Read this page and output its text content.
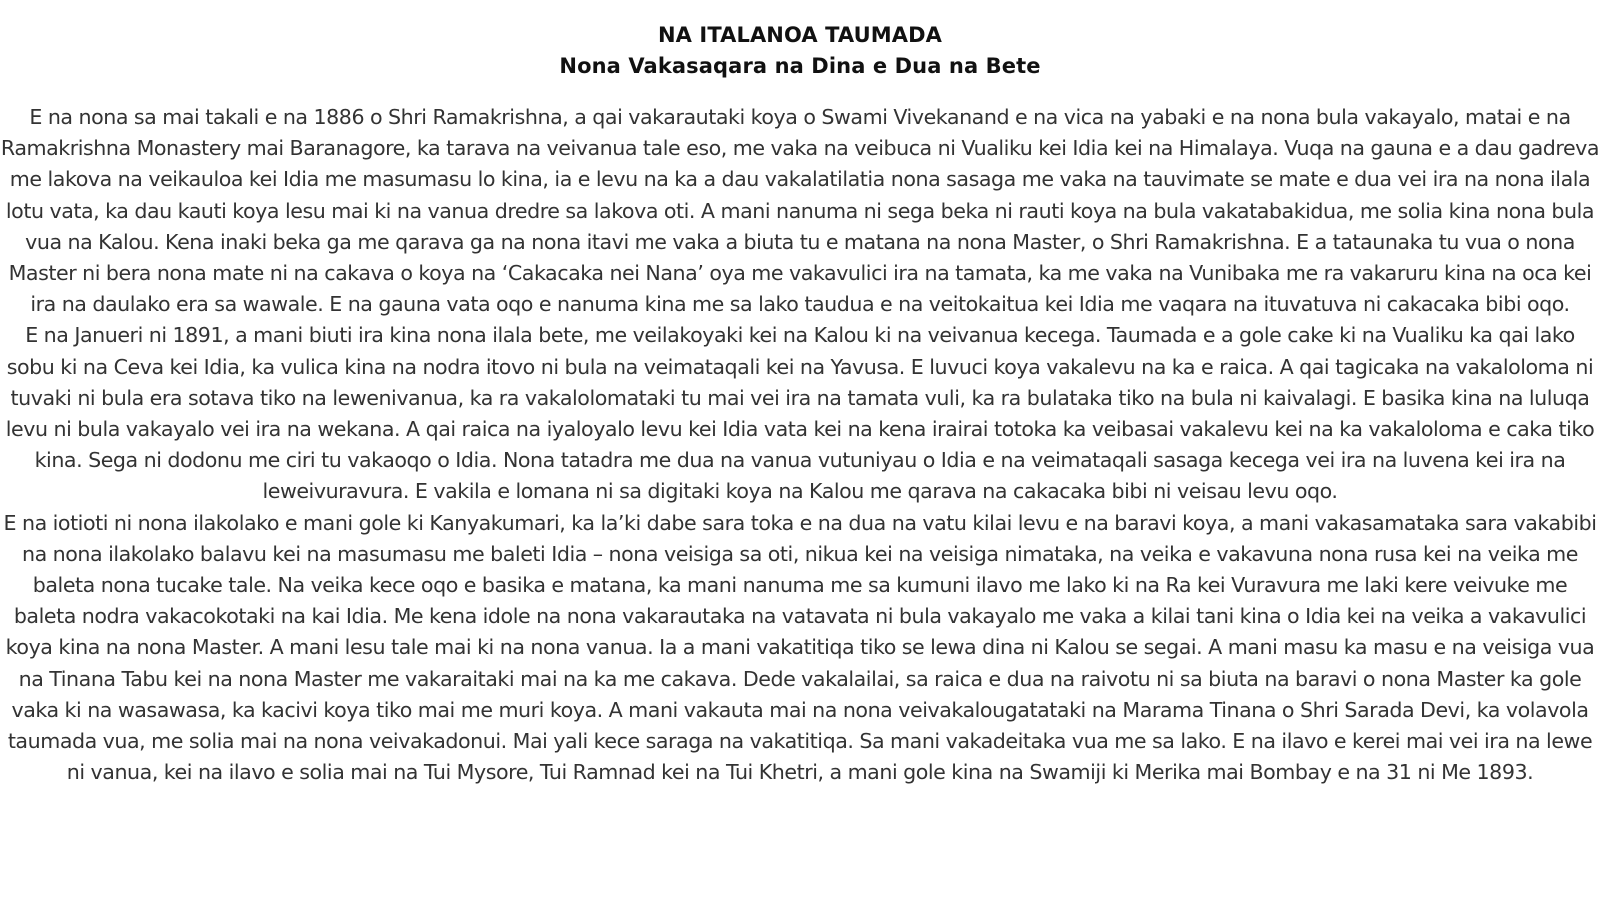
NA ITALANOA TAUMADA
Nona Vakasaqara na Dina e Dua na Bete

E na nona sa mai takali e na 1886 o Shri Ramakrishna, a qai vakarautaki koya o Swami Vivekanand e na vica na yabaki e na nona bula vakayalo, matai e na Ramakrishna Monastery mai Baranagore, ka tarava na veivanua tale eso, me vaka na veibuca ni Vualiku kei Idia kei na Himalaya. Vuqa na gauna e a dau gadreva me lakova na veikauloa kei Idia me masumasu lo kina, ia e levu na ka a dau vakalatilatia nona sasaga me vaka na tauvimate se mate e dua vei ira na nona ilala lotu vata, ka dau kauti koya lesu mai ki na vanua dredre sa lakova oti. A mani nanuma ni sega beka ni rauti koya na bula vakatabakidua, me solia kina nona bula vua na Kalou. Kena inaki beka ga me qarava ga na nona itavi me vaka a biuta tu e matana na nona Master, o Shri Ramakrishna. E a tataunaka tu vua o nona Master ni bera nona mate ni na cakava o koya na ‘Cakacaka nei Nana’ oya me vakavulici ira na tamata, ka me vaka na Vunibaka me ra vakaruru kina na oca kei ira na daulako era sa wawale. E na gauna vata oqo e nanuma kina me sa lako taudua e na veitokaitua kei Idia me vaqara na ituvatuva ni cakacaka bibi oqo.

E na Janueri ni 1891, a mani biuti ira kina nona ilala bete, me veilakoyaki kei na Kalou ki na veivanua kecega. Taumada e a gole cake ki na Vualiku ka qai lako sobu ki na Ceva kei Idia, ka vulica kina na nodra itovo ni bula na veimataqali kei na Yavusa. E luvuci koya vakalevu na ka e raica. A qai tagicaka na vakaloloma ni tuvaki ni bula era sotava tiko na lewenivanua, ka ra vakalolomataki tu mai vei ira na tamata vuli, ka ra bulataka tiko na bula ni kaivalagi. E basika kina na luluqa levu ni bula vakayalo vei ira na wekana. A qai raica na iyaloyalo levu kei Idia vata kei na kena irairai totoka ka veibasai vakalevu kei na ka vakaloloma e caka tiko kina. Sega ni dodonu me ciri tu vakaoqo o Idia. Nona tatadra me dua na vanua vutuniyau o Idia e na veimataqali sasaga kecega vei ira na luvena kei ira na leweivuravura. E vakila e lomana ni sa digitaki koya na Kalou me qarava na cakacaka bibi ni veisau levu oqo.

E na iotioti ni nona ilakolako e mani gole ki Kanyakumari, ka la’ki dabe sara toka e na dua na vatu kilai levu e na baravi koya, a mani vakasamataka sara vakabibi na nona ilakolako balavu kei na masumasu me baleti Idia – nona veisiga sa oti, nikua kei na veisiga nimataka, na veika e vakavuna nona rusa kei na veika me baleta nona tucake tale. Na veika kece oqo e basika e matana, ka mani nanuma me sa kumuni ilavo me lako ki na Ra kei Vuravura me laki kere veivuke me baleta nodra vakacokotaki na kai Idia. Me kena idole na nona vakarautaka na vatavata ni bula vakayalo me vaka a kilai tani kina o Idia kei na veika a vakavulici koya kina na nona Master. A mani lesu tale mai ki na nona vanua. Ia a mani vakatitiqa tiko se lewa dina ni Kalou se segai. A mani masu ka masu e na veisiga vua na Tinana Tabu kei na nona Master me vakaraitaki mai na ka me cakava. Dede vakalailai, sa raica e dua na raivotu ni sa biuta na baravi o nona Master ka gole vaka ki na wasawasa, ka kacivi koya tiko mai me muri koya. A mani vakauta mai na nona veivakalougatataki na Marama Tinana o Shri Sarada Devi, ka volavola taumada vua, me solia mai na nona veivakadonui. Mai yali kece saraga na vakatitiqa. Sa mani vakadeitaka vua me sa lako. E na ilavo e kerei mai vei ira na lewe ni vanua, kei na ilavo e solia mai na Tui Mysore, Tui Ramnad kei na Tui Khetri, a mani gole kina na Swamiji ki Merika mai Bombay e na 31 ni Me 1893.
